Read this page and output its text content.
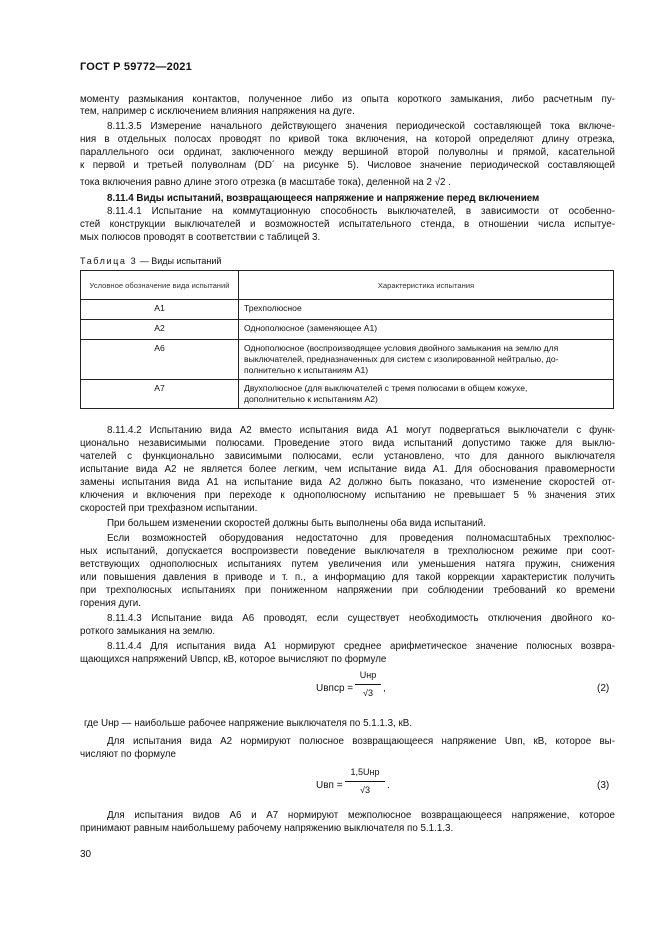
ГОСТ Р 59772—2021
моменту размыкания контактов, полученное либо из опыта короткого замыкания, либо расчетным пу-
тем, например с исключением влияния напряжения на дуге.
8.11.3.5 Измерение начального действующего значения периодической составляющей тока включе-
ния в отдельных полосах проводят по кривой тока включения, на которой определяют длину отрезка,
параллельного оси ординат, заключенного между вершиной второй полуволны и прямой, касательной
к первой и третьей полуволнам (DD´ на рисунке 5). Числовое значение периодической составляющей
тока включения равно длине этого отрезка (в масштабе тока), деленной на 2 √2 .
8.11.4 Виды испытаний, возвращающееся напряжение и напряжение перед включением
8.11.4.1 Испытание на коммутационную способность выключателей, в зависимости от особенно-
стей конструкции выключателей и возможностей испытательного стенда, в отношении числа испытуе-
мых полюсов проводят в соответствии с таблицей 3.
Таблица 3 — Виды испытаний
Условное обозначение вида испытаний	Характеристика испытания
A1	Трехполюсное
A2	Однополюсное (заменяющее A1)
A6	Однополюсное (воспроизводящее условия двойного замыкания на землю для
выключателей, предназначенных для систем с изолированной нейтралью, до-
полнительно к испытаниям A1)

A7	Двухполюсное (для выключателей с тремя полюсами в общем кожухе,
дополнительно к испытаниям A2)
8.11.4.2 Испытанию вида A2 вместо испытания вида A1 могут подвергаться выключатели с функ-
ционально независимыми полюсами. Проведение этого вида испытаний допустимо также для выклю-
чателей с функционально зависимыми полюсами, если установлено, что для данного выключателя
испытание вида A2 не является более легким, чем испытание вида A1. Для обоснования правомерности
замены испытания вида A1 на испытание вида A2 должно быть показано, что изменение скоростей от-
ключения и включения при переходе к однополюсному испытанию не превышает 5 % значения этих
скоростей при трехфазном испытании.
При большем изменении скоростей должны быть выполнены оба вида испытаний.
Если возможностей оборудования недостаточно для проведения полномасштабных трехполюс-
ных испытаний, допускается воспроизвести поведение выключателя в трехполюсном режиме при соот-
ветствующих однополюсных испытаниях путем увеличения или уменьшения натяга пружин, снижения
или повышения давления в приводе и т. п., а информацию для такой коррекции характеристик получить
при трехполюсных испытаниях при пониженном напряжении при соблюдении требований ко времени
горения дуги.
8.11.4.3 Испытание вида A6 проводят, если существует необходимость отключения двойного ко-
роткого замыкания на землю.
8.11.4.4 Для испытания вида A1 нормируют среднее арифметическое значение полюсных возвра-
щающихся напряжений Uвпср, кВ, которое вычисляют по формуле
Uвпср =
Uнр
√3	,	(2)
где Uнр — наибольше рабочее напряжение выключателя по 5.1.1.3, кВ.
Для испытания вида A2 нормируют полюсное возвращающееся напряжение Uвп, кВ, которое вы-
числяют по формуле
Uвп =
1,5Uнр
√3	.	(3)
Для испытания видов A6 и A7 нормируют межполюсное возвращающееся напряжение, которое
принимают равным наибольшему рабочему напряжению выключателя по 5.1.1.3.
30
